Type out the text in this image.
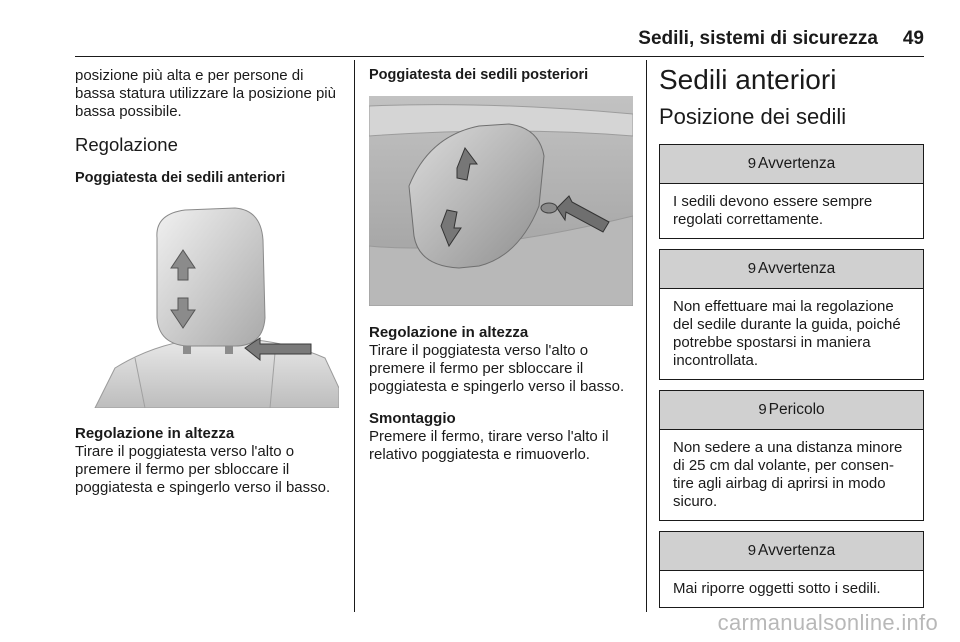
Sedili, sistemi di sicurezza 49

posizione più alta e per persone di bassa statura utilizzare la posizione più bassa possibile.

Regolazione

Poggiatesta dei sedili anteriori

Regolazione in altezza

Tirare il poggiatesta verso l'alto o premere il fermo per sbloccare il poggiatesta e spingerlo verso il basso.

Poggiatesta dei sedili posteriori

Regolazione in altezza

Tirare il poggiatesta verso l'alto o premere il fermo per sbloccare il poggiatesta e spingerlo verso il basso.

Smontaggio

Premere il fermo, tirare verso l'alto il relativo poggiatesta e rimuoverlo.

Sedili anteriori

Posizione dei sedili

9 Avvertenza
I sedili devono essere sempre regolati correttamente.
9 Avvertenza
Non effettuare mai la regolazione del sedile durante la guida, poiché potrebbe spostarsi in maniera incontrollata.
9 Pericolo
Non sedere a una distanza minore di 25 cm dal volante, per consen-tire agli airbag di aprirsi in modo sicuro.
9 Avvertenza
Mai riporre oggetti sotto i sedili.
carmanualsonline.info
